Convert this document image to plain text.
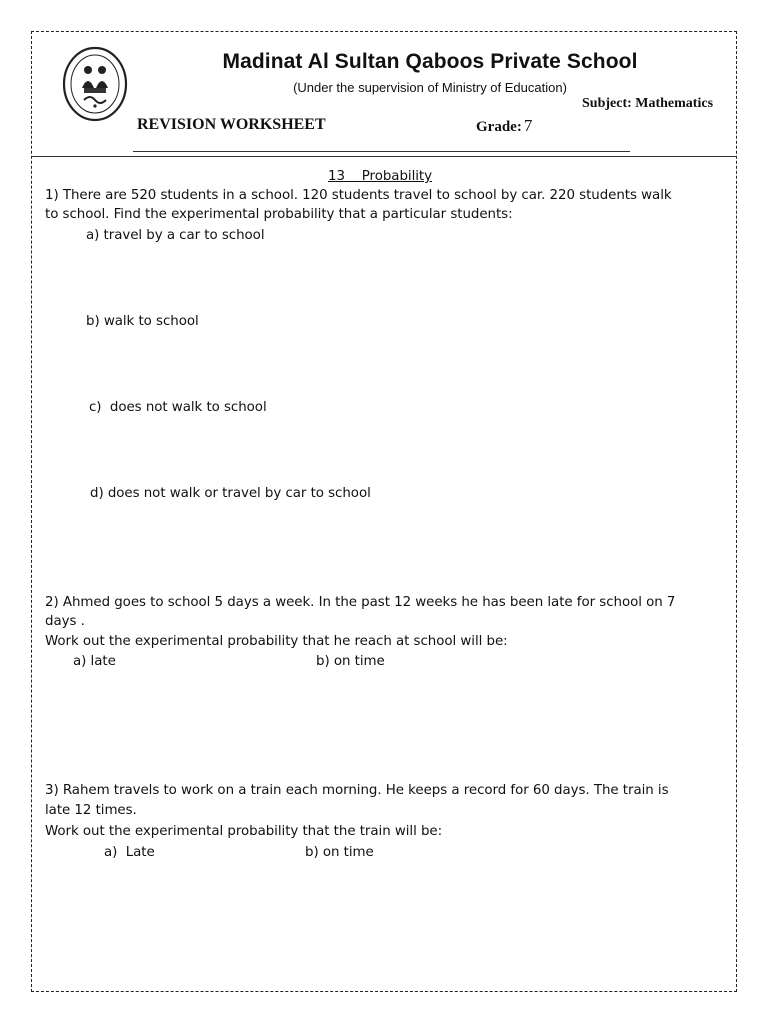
Madinat Al Sultan Qaboos Private School
(Under the supervision of Ministry of Education)
Subject: Mathematics
REVISION WORKSHEET	Grade: 7
13    Probability
1) There are 520 students in a school. 120 students travel to school by car. 220 students walk
to school. Find the experimental probability that a particular students:
a) travel by a car to school
b) walk to school
c)  does not walk to school
d) does not walk or travel by car to school
2) Ahmed goes to school 5 days a week. In the past 12 weeks he has been late for school on 7
days .
Work out the experimental probability that he reach at school will be:
a) late	b) on time
3) Rahem travels to work on a train each morning. He keeps a record for 60 days. The train is
late 12 times.
Work out the experimental probability that the train will be:
a)  Late	b) on time
